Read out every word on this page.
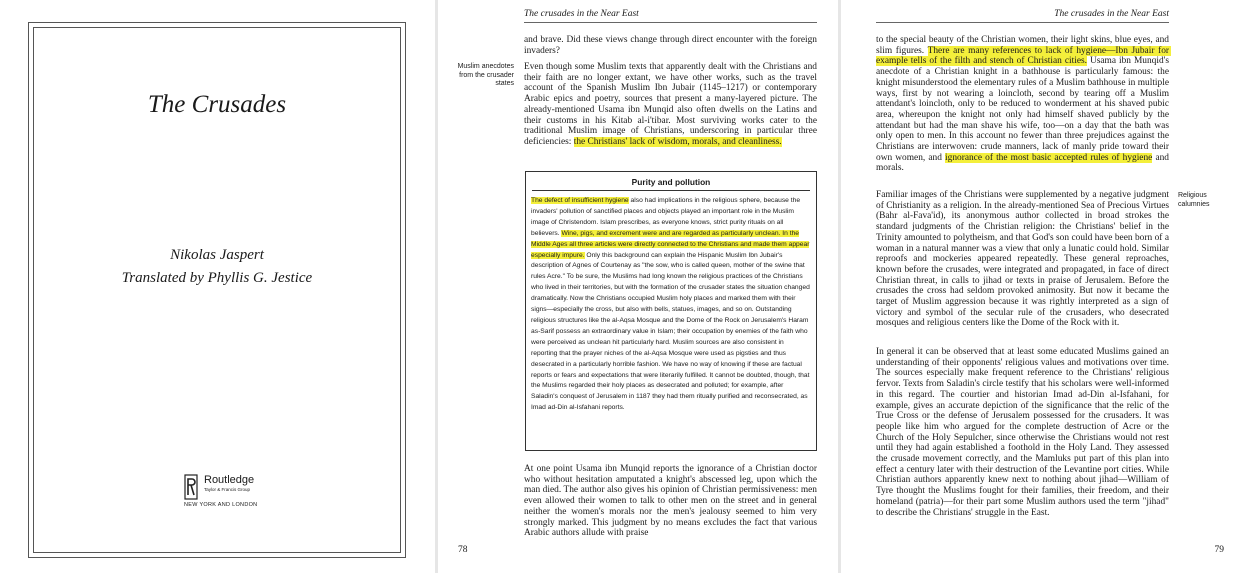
The Crusades
Nikolas Jaspert
Translated by Phyllis G. Jestice
Routledge
Taylor & Francis Group
NEW YORK AND LONDON
The crusades in the Near East

Muslim anecdotes from the crusader states

and brave. Did these views change through direct encounter with the foreign invaders?

Even though some Muslim texts that apparently dealt with the Christians and their faith are no longer extant, we have other works, such as the travel account of the Spanish Muslim Ibn Jubair (1145–1217) or contemporary Arabic epics and poetry, sources that present a many-layered picture. The already-mentioned Usama ibn Munqid also often dwells on the Latins and their customs in his Kitab al-i'tibar. Most surviving works cater to the traditional Muslim image of Christians, underscoring in particular three deficiencies: the Christians' lack of wisdom, morals, and cleanliness.

Purity and pollution

The defect of insufficient hygiene also had implications in the religious sphere, because the invaders' pollution of sanctified places and objects played an important role in the Muslim image of Christendom. Islam prescribes, as everyone knows, strict purity rituals on all believers. Wine, pigs, and excrement were and are regarded as particularly unclean. In the Middle Ages all three articles were directly connected to the Christians and made them appear especially impure. Only this background can explain the Hispanic Muslim Ibn Jubair's description of Agnes of Courtenay as "the sow, who is called queen, mother of the swine that rules Acre." To be sure, the Muslims had long known the religious practices of the Christians who lived in their territories, but with the formation of the crusader states the situation changed dramatically. Now the Christians occupied Muslim holy places and marked them with their signs—especially the cross, but also with bells, statues, images, and so on. Outstanding religious structures like the al-Aqsa Mosque and the Dome of the Rock on Jerusalem's Haram as-Sarif possess an extraordinary value in Islam; their occupation by enemies of the faith who were perceived as unclean hit particularly hard. Muslim sources are also consistent in reporting that the prayer niches of the al-Aqsa Mosque were used as pigsties and thus desecrated in a particularly horrible fashion. We have no way of knowing if these are factual reports or fears and expectations that were literarily fulfilled. It cannot be doubted, though, that the Muslims regarded their holy places as desecrated and polluted; for example, after Saladin's conquest of Jerusalem in 1187 they had them ritually purified and reconsecrated, as Imad ad-Din al-Isfahani reports.

At one point Usama ibn Munqid reports the ignorance of a Christian doctor who without hesitation amputated a knight's abscessed leg, upon which the man died. The author also gives his opinion of Christian permissiveness: men even allowed their women to talk to other men on the street and in general neither the women's morals nor the men's jealousy seemed to him very strongly marked. This judgment by no means excludes the fact that various Arabic authors allude with praise

78
The crusades in the Near East

to the special beauty of the Christian women, their light skins, blue eyes, and slim figures. There are many references to lack of hygiene—Ibn Jubair for example tells of the filth and stench of Christian cities. Usama ibn Munqid's anecdote of a Christian knight in a bathhouse is particularly famous: the knight misunderstood the elementary rules of a Muslim bathhouse in multiple ways, first by not wearing a loincloth, second by tearing off a Muslim attendant's loincloth, only to be reduced to wonderment at his shaved pubic area, whereupon the knight not only had himself shaved publicly by the attendant but had the man shave his wife, too—on a day that the bath was only open to men. In this account no fewer than three prejudices against the Christians are interwoven: crude manners, lack of manly pride toward their own women, and ignorance of the most basic accepted rules of hygiene and morals.

Familiar images of the Christians were supplemented by a negative judgment of Christianity as a religion. In the already-mentioned Sea of Precious Virtues (Bahr al-Fava'id), its anonymous author collected in broad strokes the standard judgments of the Christian religion: the Christians' belief in the Trinity amounted to polytheism, and that God's son could have been born of a woman in a natural manner was a view that only a lunatic could hold. Similar reproofs and mockeries appeared repeatedly. These general reproaches, known before the crusades, were integrated and propagated, in face of direct Christian threat, in calls to jihad or texts in praise of Jerusalem. Before the crusades the cross had seldom provoked animosity. But now it became the target of Muslim aggression because it was rightly interpreted as a sign of victory and symbol of the secular rule of the crusaders, who desecrated mosques and religious centers like the Dome of the Rock with it.

In general it can be observed that at least some educated Muslims gained an understanding of their opponents' religious values and motivations over time. The sources especially make frequent reference to the Christians' religious fervor. Texts from Saladin's circle testify that his scholars were well-informed in this regard. The courtier and historian Imad ad-Din al-Isfahani, for example, gives an accurate depiction of the significance that the relic of the True Cross or the defense of Jerusalem possessed for the crusaders. It was people like him who argued for the complete destruction of Acre or the Church of the Holy Sepulcher, since otherwise the Christians would not rest until they had again established a foothold in the Holy Land. They assessed the crusade movement correctly, and the Mamluks put part of this plan into effect a century later with their destruction of the Levantine port cities. While Christian authors apparently knew next to nothing about jihad—William of Tyre thought the Muslims fought for their families, their freedom, and their homeland (patria)—for their part some Muslim authors used the term "jihad" to describe the Christians' struggle in the East.

Religious calumnies

79
